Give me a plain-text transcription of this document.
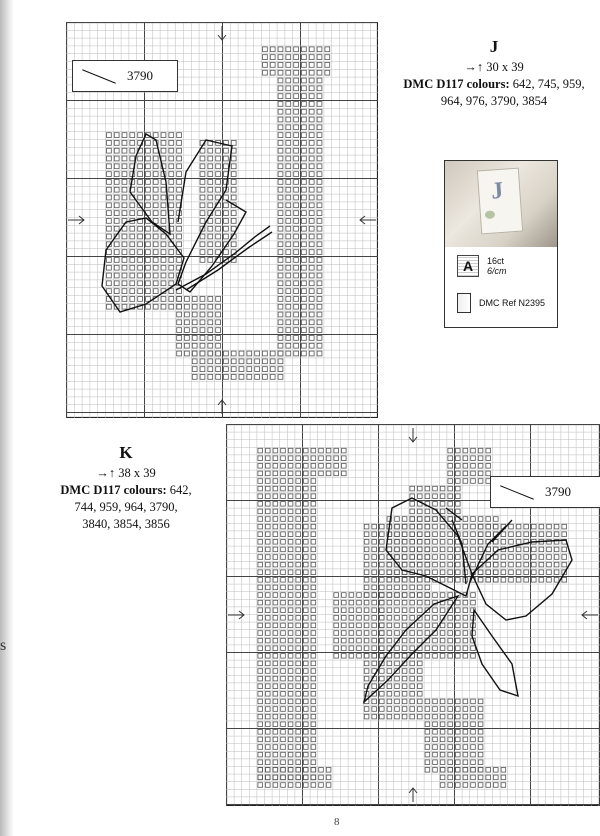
s
3790
J
→↑ 30 x 39
DMC D117 colours: 642, 745, 959,
964, 976, 3790, 3854
J
A 16ct
6/cm
DMC Ref N2395
3790
K
→↑ 38 x 39
DMC D117 colours: 642,
744, 959, 964, 3790,
3840, 3854, 3856
8
